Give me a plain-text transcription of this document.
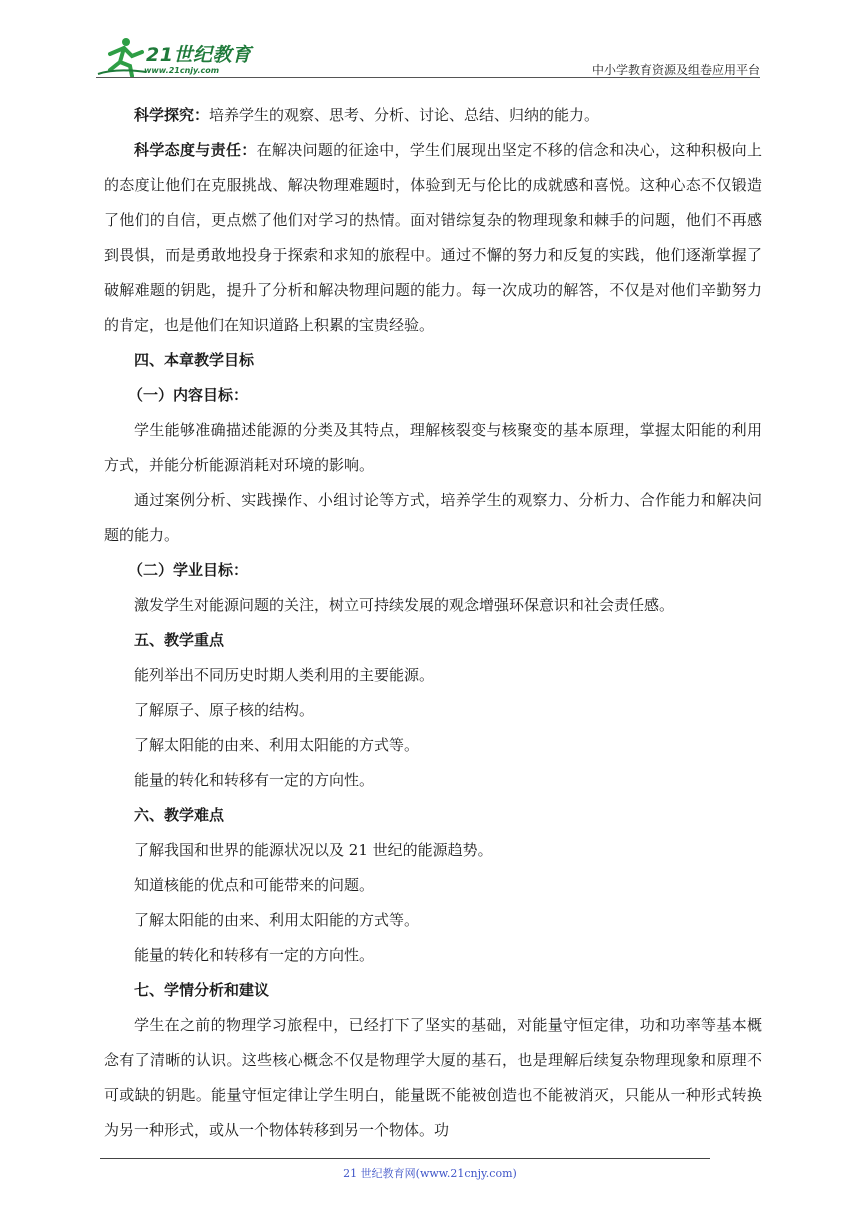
21世纪教育
www.21cnjy.com	中小学教育资源及组卷应用平台

科学探究：培养学生的观察、思考、分析、讨论、总结、归纳的能力。

科学态度与责任：在解决问题的征途中，学生们展现出坚定不移的信念和决心，这种积极向上的态度让他们在克服挑战、解决物理难题时，体验到无与伦比的成就感和喜悦。这种心态不仅锻造了他们的自信，更点燃了他们对学习的热情。面对错综复杂的物理现象和棘手的问题，他们不再感到畏惧，而是勇敢地投身于探索和求知的旅程中。通过不懈的努力和反复的实践，他们逐渐掌握了破解难题的钥匙，提升了分析和解决物理问题的能力。每一次成功的解答，不仅是对他们辛勤努力的肯定，也是他们在知识道路上积累的宝贵经验。

四、本章教学目标

（一）内容目标：

学生能够准确描述能源的分类及其特点，理解核裂变与核聚变的基本原理，掌握太阳能的利用方式，并能分析能源消耗对环境的影响。

通过案例分析、实践操作、小组讨论等方式，培养学生的观察力、分析力、合作能力和解决问题的能力。

（二）学业目标：

激发学生对能源问题的关注，树立可持续发展的观念增强环保意识和社会责任感。

五、教学重点

能列举出不同历史时期人类利用的主要能源。

了解原子、原子核的结构。

了解太阳能的由来、利用太阳能的方式等。

能量的转化和转移有一定的方向性。

六、教学难点

了解我国和世界的能源状况以及 21 世纪的能源趋势。

知道核能的优点和可能带来的问题。

了解太阳能的由来、利用太阳能的方式等。

能量的转化和转移有一定的方向性。

七、学情分析和建议

学生在之前的物理学习旅程中，已经打下了坚实的基础，对能量守恒定律，功和功率等基本概念有了清晰的认识。这些核心概念不仅是物理学大厦的基石，也是理解后续复杂物理现象和原理不可或缺的钥匙。能量守恒定律让学生明白，能量既不能被创造也不能被消灭，只能从一种形式转换为另一种形式，或从一个物体转移到另一个物体。功

21 世纪教育网(www.21cnjy.com)
